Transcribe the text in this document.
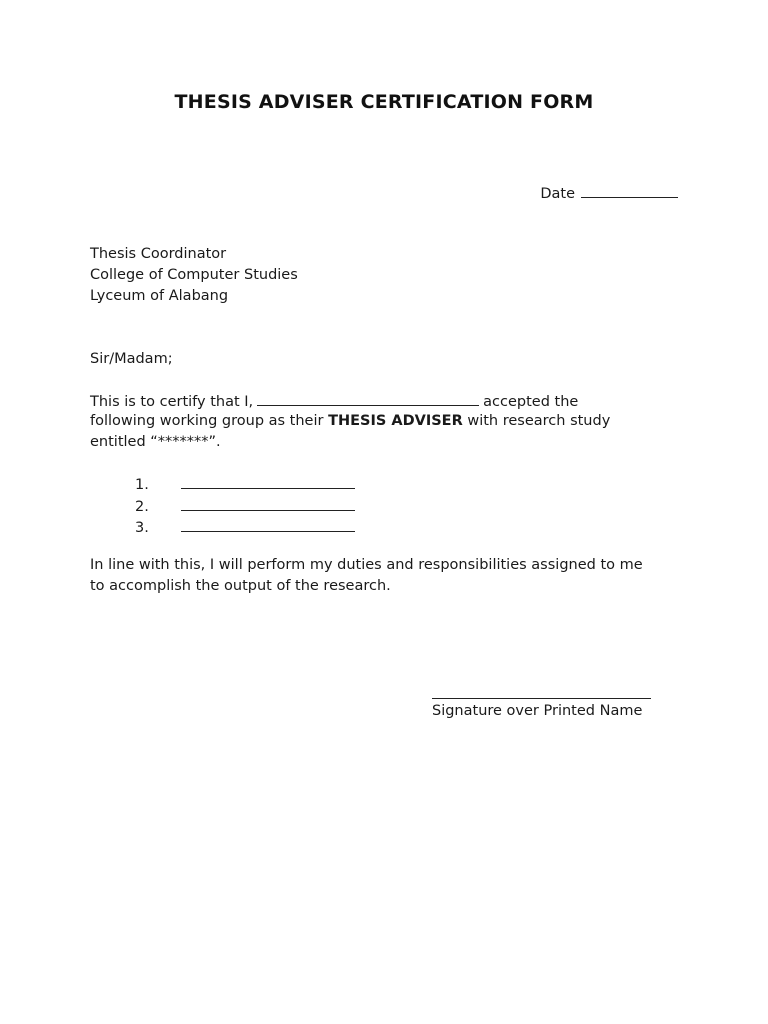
THESIS ADVISER CERTIFICATION FORM
Date
Thesis Coordinator
College of Computer Studies
Lyceum of Alabang
Sir/Madam;
This is to certify that I,	accepted the
following working group as their THESIS ADVISER with research study
entitled “*******”.
1.
2.
3.
In line with this, I will perform my duties and responsibilities assigned to me
to accomplish the output of the research.
Signature over Printed Name
